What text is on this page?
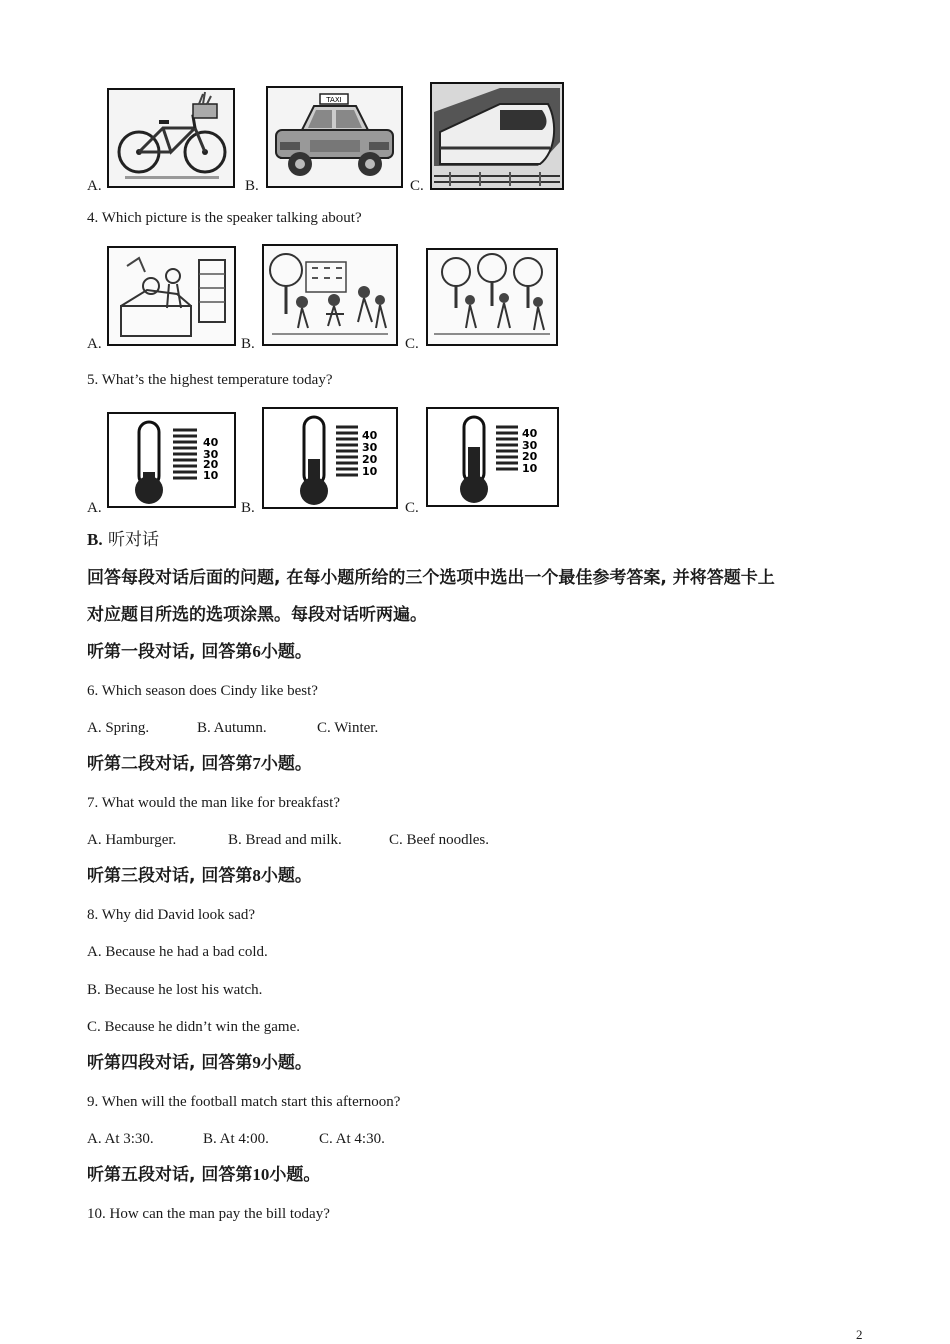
A.	B.
TAXI
C.
4. Which picture is the speaker talking about?
A.	B.	C.
5. What’s the highest temperature today?
A.
40
30
20
10
B.
40
30
20
10
C.
40
30
20
10
B. 听对话
回答每段对话后面的问题, 在每小题所给的三个选项中选出一个最佳参考答案, 并将答题卡上
对应题目所选的选项涂黑。每段对话听两遍。
听第一段对话, 回答第6小题。
6. Which season does Cindy like best?
A. Spring.	B. Autumn.	C. Winter.
听第二段对话, 回答第7小题。
7. What would the man like for breakfast?
A. Hamburger.	B. Bread and milk.	C. Beef noodles.
听第三段对话, 回答第8小题。
8. Why did David look sad?
A. Because he had a bad cold.
B. Because he lost his watch.
C. Because he didn’t win the game.
听第四段对话, 回答第9小题。
9. When will the football match start this afternoon?
A. At 3:30.	B. At 4:00.	C. At 4:30.
听第五段对话, 回答第10小题。
10. How can the man pay the bill today?
2
